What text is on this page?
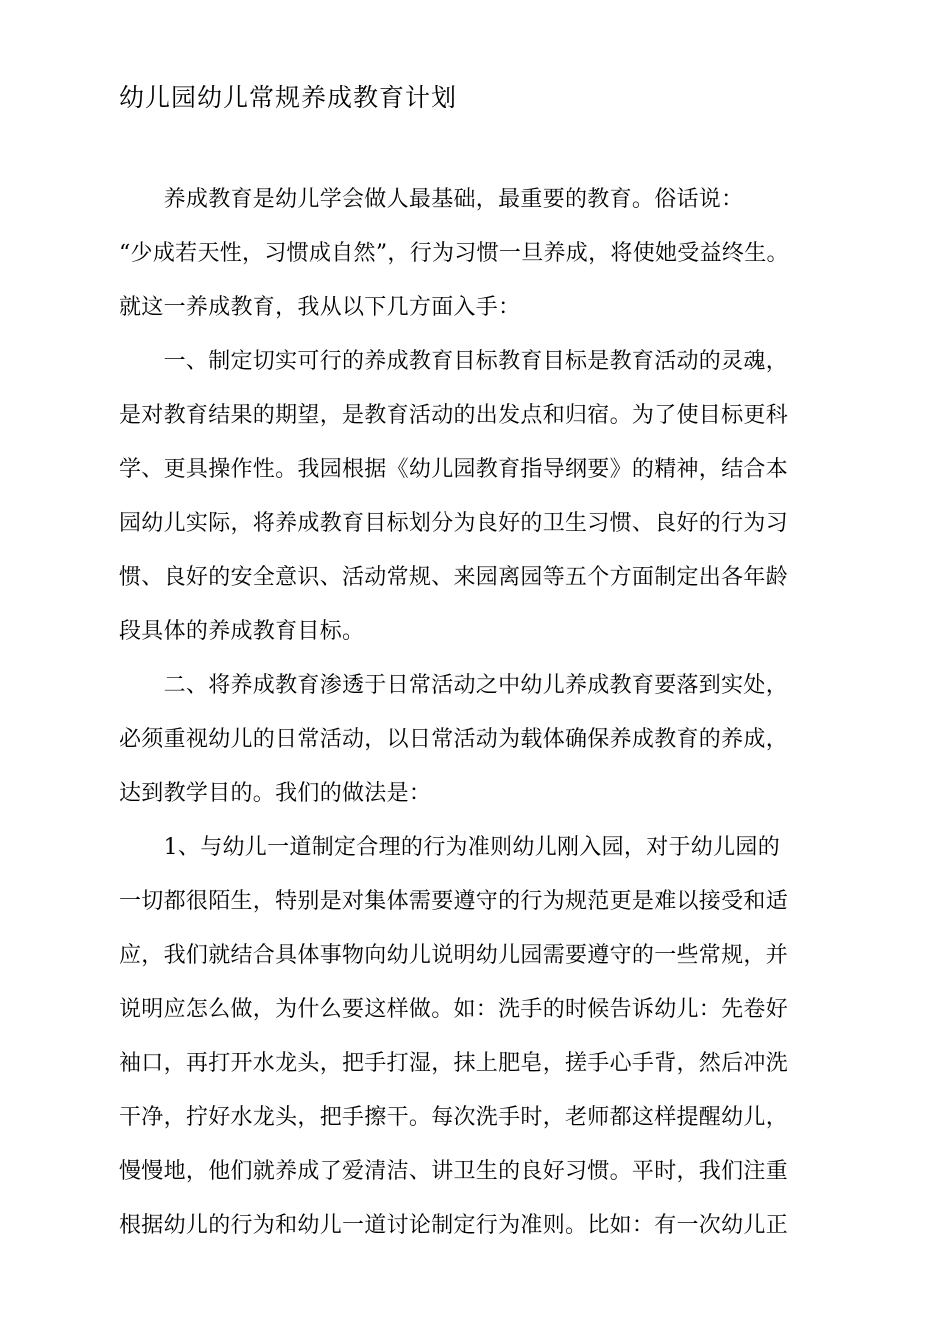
幼儿园幼儿常规养成教育计划
　　养成教育是幼儿学会做人最基础，最重要的教育。俗话说：
“少成若天性，习惯成自然”，行为习惯一旦养成，将使她受益终生。
就这一养成教育，我从以下几方面入手：
　　一、制定切实可行的养成教育目标教育目标是教育活动的灵魂，
是对教育结果的期望，是教育活动的出发点和归宿。为了使目标更科
学、更具操作性。我园根据《幼儿园教育指导纲要》的精神，结合本
园幼儿实际，将养成教育目标划分为良好的卫生习惯、良好的行为习
惯、良好的安全意识、活动常规、来园离园等五个方面制定出各年龄
段具体的养成教育目标。
　　二、将养成教育渗透于日常活动之中幼儿养成教育要落到实处，
必须重视幼儿的日常活动，以日常活动为载体确保养成教育的养成，
达到教学目的。我们的做法是：
　　1、与幼儿一道制定合理的行为准则幼儿刚入园，对于幼儿园的
一切都很陌生，特别是对集体需要遵守的行为规范更是难以接受和适
应，我们就结合具体事物向幼儿说明幼儿园需要遵守的一些常规，并
说明应怎么做，为什么要这样做。如：洗手的时候告诉幼儿：先卷好
袖口，再打开水龙头，把手打湿，抹上肥皂，搓手心手背，然后冲洗
干净，拧好水龙头，把手擦干。每次洗手时，老师都这样提醒幼儿，
慢慢地，他们就养成了爱清洁、讲卫生的良好习惯。平时，我们注重
根据幼儿的行为和幼儿一道讨论制定行为准则。比如：有一次幼儿正
